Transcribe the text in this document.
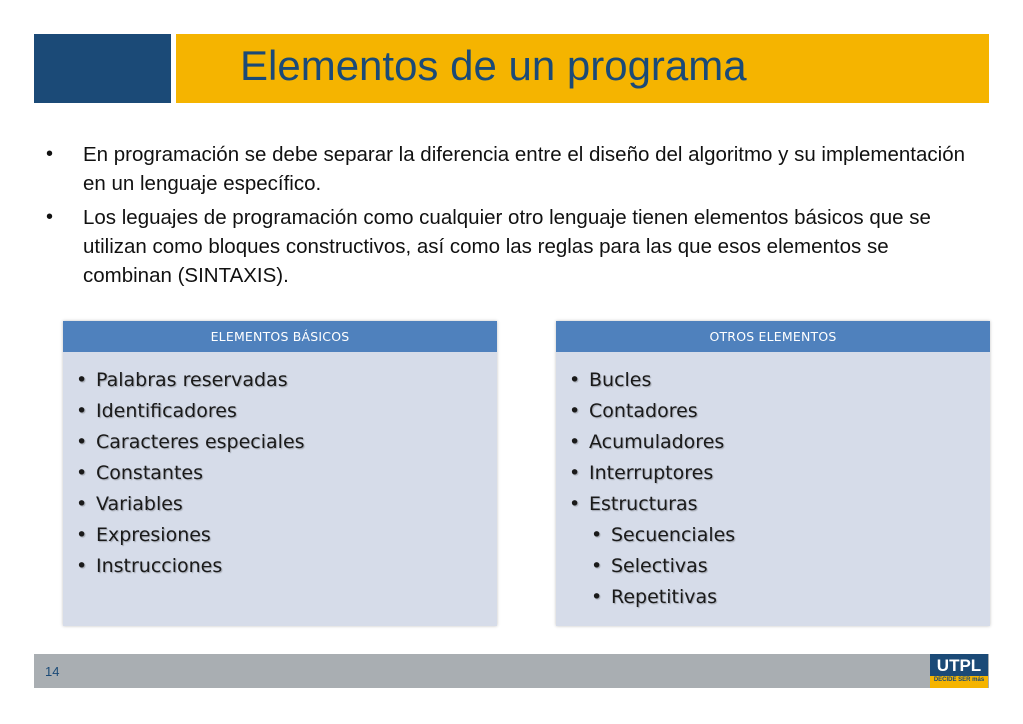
Elementos de un programa
• En programación se debe separar la diferencia entre el diseño del algoritmo y su implementación en un lenguaje específico.
• Los leguajes de programación como cualquier otro lenguaje tienen elementos básicos que se utilizan como bloques constructivos, así como las reglas para las que esos elementos se combinan (SINTAXIS).
ELEMENTOS BÁSICOS
• Palabras reservadas
• Identificadores
• Caracteres especiales
• Constantes
• Variables
• Expresiones
• Instrucciones
OTROS ELEMENTOS
• Bucles
• Contadores
• Acumuladores
• Interruptores
• Estructuras
• Secuenciales
• Selectivas
• Repetitivas
14	UTPL
DECIDE SER más
